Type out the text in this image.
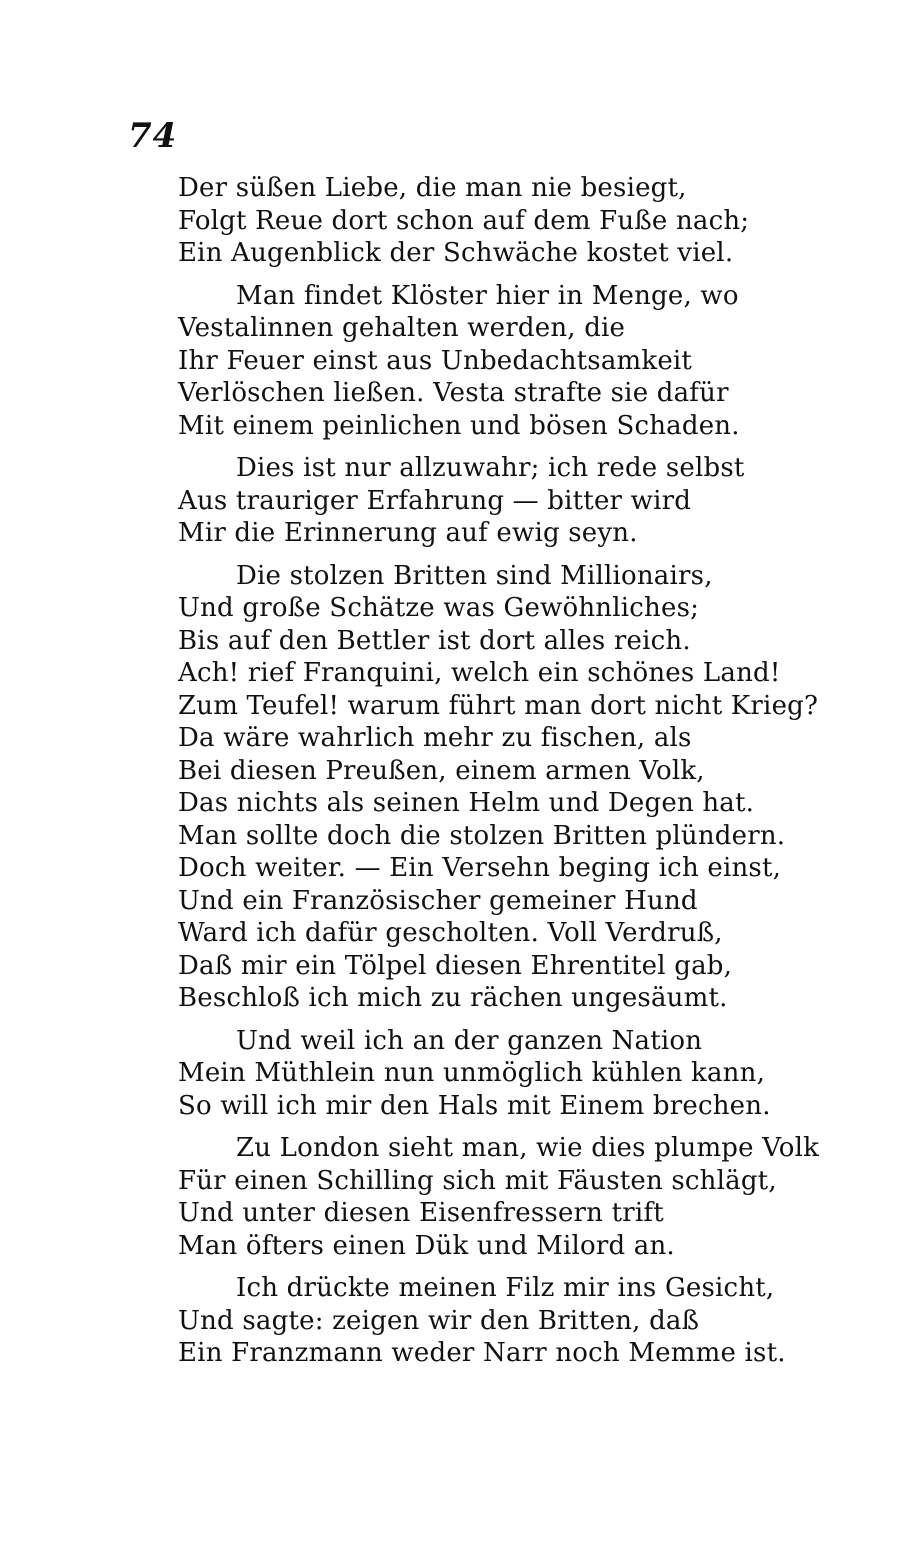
74
Der süßen Liebe, die man nie besiegt,
Folgt Reue dort schon auf dem Fuße nach;
Ein Augenblick der Schwäche kostet viel.
Man findet Klöster hier in Menge, wo
Vestalinnen gehalten werden, die
Ihr Feuer einst aus Unbedachtsamkeit
Verlöschen ließen. Vesta strafte sie dafür
Mit einem peinlichen und bösen Schaden.
Dies ist nur allzuwahr; ich rede selbst
Aus trauriger Erfahrung — bitter wird
Mir die Erinnerung auf ewig seyn.
Die stolzen Britten sind Millionairs,
Und große Schätze was Gewöhnliches;
Bis auf den Bettler ist dort alles reich.
Ach! rief Franquini, welch ein schönes Land!
Zum Teufel! warum führt man dort nicht Krieg?
Da wäre wahrlich mehr zu fischen, als
Bei diesen Preußen, einem armen Volk,
Das nichts als seinen Helm und Degen hat.
Man sollte doch die stolzen Britten plündern.
Doch weiter. — Ein Versehn beging ich einst,
Und ein Französischer gemeiner Hund
Ward ich dafür gescholten. Voll Verdruß,
Daß mir ein Tölpel diesen Ehrentitel gab,
Beschloß ich mich zu rächen ungesäumt.
Und weil ich an der ganzen Nation
Mein Müthlein nun unmöglich kühlen kann,
So will ich mir den Hals mit Einem brechen.
Zu London sieht man, wie dies plumpe Volk
Für einen Schilling sich mit Fäusten schlägt,
Und unter diesen Eisenfressern trift
Man öfters einen Dük und Milord an.
Ich drückte meinen Filz mir ins Gesicht,
Und sagte: zeigen wir den Britten, daß
Ein Franzmann weder Narr noch Memme ist.
